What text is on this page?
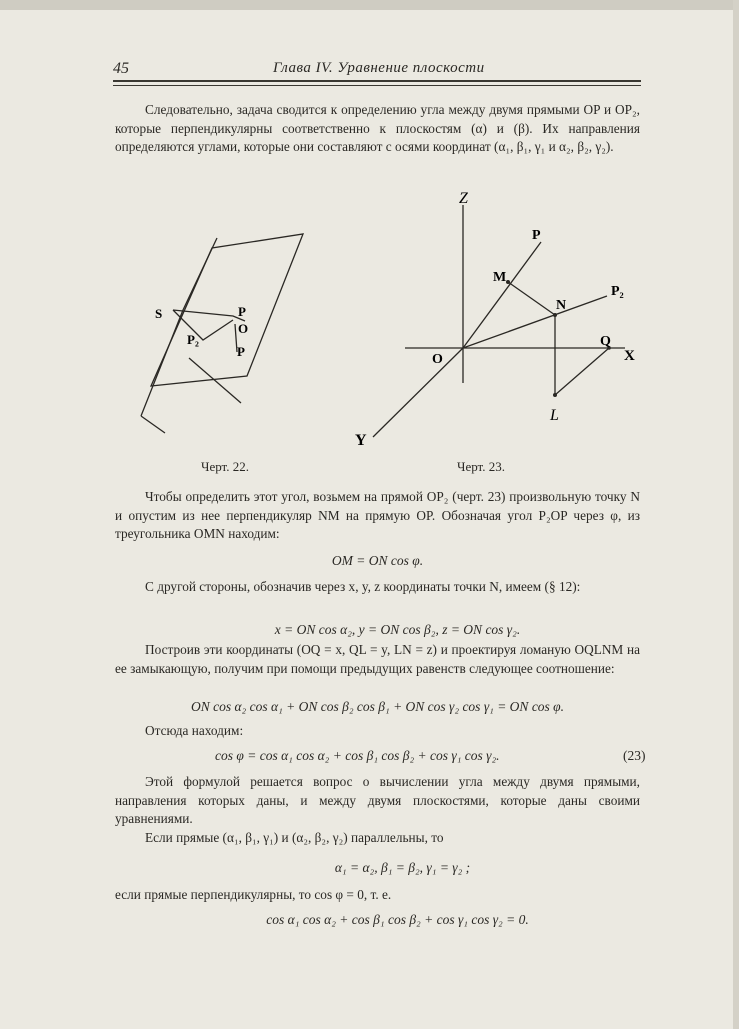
45	Глава IV. Уравнение плоскости

Следовательно, задача сводится к определению угла между двумя прямыми OP и OP₂, которые перпендикулярны соответственно к плоскостям (α) и (β). Их направления определяются углами, которые они составляют с осями координат (α₁, β₁, γ₁ и α₂, β₂, γ₂).

S
P₂
P
O
P
Черт. 22.
Z
P
M
N
P₂
Q
X
O
L
Y
Черт. 23.

Чтобы определить этот угол, возьмем на прямой OP₂ (черт. 23) произвольную точку N и опустим из нее перпендикуляр NM на прямую OP. Обозначая угол P₂OP через φ, из треугольника OMN находим:

OM = ON cos φ.

С другой стороны, обозначив через x, y, z координаты точки N, имеем (§ 12):

x = ON cos α₂, y = ON cos β₂, z = ON cos γ₂.

Построив эти координаты (OQ = x, QL = y, LN = z) и проектируя ломаную OQLNM на ее замыкающую, получим при помощи предыдущих равенств следующее соотношение:

ON cos α₂ cos α₁ + ON cos β₂ cos β₁ + ON cos γ₂ cos γ₁ = ON cos φ.

Отсюда находим:

cos φ = cos α₁ cos α₂ + cos β₁ cos β₂ + cos γ₁ cos γ₂.	(23)

Этой формулой решается вопрос о вычислении угла между двумя прямыми, направления которых даны, и между двумя плоскостями, которые даны своими уравнениями.

Если прямые (α₁, β₁, γ₁) и (α₂, β₂, γ₂) параллельны, то

α₁ = α₂, β₁ = β₂, γ₁ = γ₂ ;

если прямые перпендикулярны, то cos φ = 0, т. е.

cos α₁ cos α₂ + cos β₁ cos β₂ + cos γ₁ cos γ₂ = 0.
